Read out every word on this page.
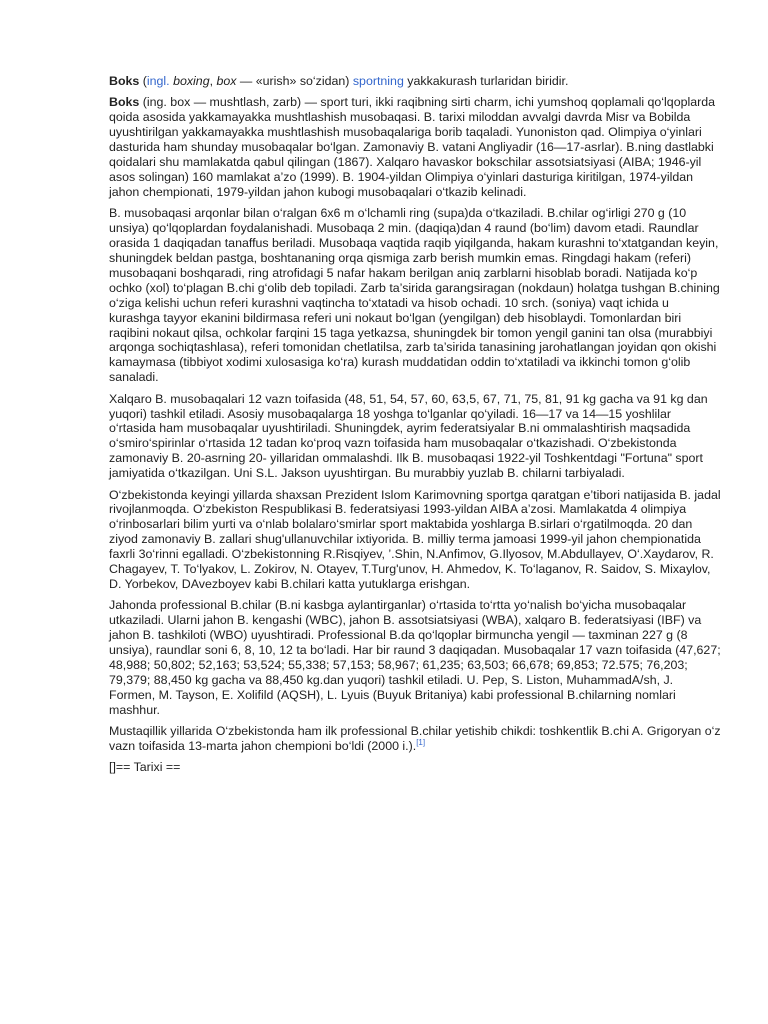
Boks (ingl. boxing, box — «urish» so‘zidan) sportning yakkakurash turlaridan biridir.

Boks (ing. box — mushtlash, zarb) — sport turi, ikki raqibning sirti charm, ichi yumshoq qoplamali qo‘lqoplarda qoida asosida yakkamayakka mushtlashish musobaqasi. B. tarixi miloddan avvalgi davrda Misr va Bobilda uyushtirilgan yakkamayakka mushtlashish musobaqalariga borib taqaladi. Yunoniston qad. Olimpiya o‘yinlari dasturida ham shunday musobaqalar bo‘lgan. Zamonaviy B. vatani Angliyadir (16—17-asrlar). B.ning dastlabki qoidalari shu mamlakatda qabul qilingan (1867). Xalqaro havaskor bokschilar assotsiatsiyasi (AIBA; 1946-yil asos solingan) 160 mamlakat a’zo (1999). B. 1904-yildan Olimpiya o‘yinlari dasturiga kiritilgan, 1974-yildan jahon chempionati, 1979-yildan jahon kubogi musobaqalari o‘tkazib kelinadi.

B. musobaqasi arqonlar bilan o‘ralgan 6x6 m o‘lchamli ring (supa)da o‘tkaziladi. B.chilar og‘irligi 270 g (10 unsiya) qo‘lqoplardan foydalanishadi. Musobaqa 2 min. (daqiqa)dan 4 raund (bo‘lim) davom etadi. Raundlar orasida 1 daqiqadan tanaffus beriladi. Musobaqa vaqtida raqib yiqilganda, hakam kurashni to‘xtatgandan keyin, shuningdek beldan pastga, boshtananing orqa qismiga zarb berish mumkin emas. Ringdagi hakam (referi) musobaqani boshqaradi, ring atrofidagi 5 nafar hakam berilgan aniq zarblarni hisoblab boradi. Natijada ko‘p ochko (xol) to‘plagan B.chi g‘olib deb topiladi. Zarb ta’sirida garangsiragan (nokdaun) holatga tushgan B.chining o‘ziga kelishi uchun referi kurashni vaqtincha to‘xtatadi va hisob ochadi. 10 srch. (soniya) vaqt ichida u kurashga tayyor ekanini bildirmasa referi uni nokaut bo‘lgan (yengilgan) deb hisoblaydi. Tomonlardan biri raqibini nokaut qilsa, ochkolar farqini 15 taga yetkazsa, shuningdek bir tomon yengil ganini tan olsa (murabbiyi arqonga sochiqtashlasa), referi tomonidan chetlatilsa, zarb ta’sirida tanasining jarohatlangan joyidan qon okishi kamaymasa (tibbiyot xodimi xulosasiga ko‘ra) kurash muddatidan oddin to‘xtatiladi va ikkinchi tomon g‘olib sanaladi.

Xalqaro B. musobaqalari 12 vazn toifasida (48, 51, 54, 57, 60, 63,5, 67, 71, 75, 81, 91 kg gacha va 91 kg dan yuqori) tashkil etiladi. Asosiy musobaqalarga 18 yoshga to‘lganlar qo‘yiladi. 16—17 va 14—15 yoshlilar o‘rtasida ham musobaqalar uyushtiriladi. Shuningdek, ayrim federatsiyalar B.ni ommalashtirish maqsadida o‘smiro‘spirinlar o‘rtasida 12 tadan ko‘proq vazn toifasida ham musobaqalar o‘tkazishadi. O‘zbekistonda zamonaviy B. 20-asrning 20- yillaridan ommalashdi. Ilk B. musobaqasi 1922-yil Toshkentdagi "Fortuna" sport jamiyatida o‘tkazilgan. Uni S.L. Jakson uyushtirgan. Bu murabbiy yuzlab B. chilarni tarbiyaladi.

O‘zbekistonda keyingi yillarda shaxsan Prezident Islom Karimovning sportga qaratgan e’tibori natijasida B. jadal rivojlanmoqda. O‘zbekiston Respublikasi B. federatsiyasi 1993-yildan AIBA a’zosi. Mamlakatda 4 olimpiya o‘rinbosarlari bilim yurti va o‘nlab bolalaro‘smirlar sport maktabida yoshlarga B.sirlari o‘rgatilmoqda. 20 dan ziyod zamonaviy B. zallari shug'ullanuvchilar ixtiyorida. B. milliy terma jamoasi 1999-yil jahon chempionatida faxrli 3o‘rinni egalladi. O‘zbekistonning R.Risqiyev, ’.Shin, N.Anfimov, G.Ilyosov, M.Abdullayev, O‘.Xaydarov, R. Chagayev, T. To‘lyakov, L. Zokirov, N. Otayev, T.Turg'unov, H. Ahmedov, K. To‘laganov, R. Saidov, S. Mixaylov, D. Yorbekov, DAvezboyev kabi B.chilari katta yutuklarga erishgan.

Jahonda professional B.chilar (B.ni kasbga aylantirganlar) o‘rtasida to‘rtta yo‘nalish bo‘yicha musobaqalar utkaziladi. Ularni jahon B. kengashi (WBC), jahon B. assotsiatsiyasi (WBA), xalqaro B. federatsiyasi (IBF) va jahon B. tashkiloti (WBO) uyushtiradi. Professional B.da qo‘lqoplar birmuncha yengil — taxminan 227 g (8 unsiya), raundlar soni 6, 8, 10, 12 ta bo‘ladi. Har bir raund 3 daqiqadan. Musobaqalar 17 vazn toifasida (47,627; 48,988; 50,802; 52,163; 53,524; 55,338; 57,153; 58,967; 61,235; 63,503; 66,678; 69,853; 72.575; 76,203; 79,379; 88,450 kg gacha va 88,450 kg.dan yuqori) tashkil etiladi. U. Pep, S. Liston, MuhammadA/sh, J. Formen, M. Tayson, E. Xolifild (AQSH), L. Lyuis (Buyuk Britaniya) kabi professional B.chilarning nomlari mashhur.

Mustaqillik yillarida O‘zbekistonda ham ilk professional B.chilar yetishib chikdi: toshkentlik B.chi A. Grigoryan o‘z vazn toifasida 13-marta jahon chempioni bo‘ldi (2000 i.).[1]

[]== Tarixi ==
